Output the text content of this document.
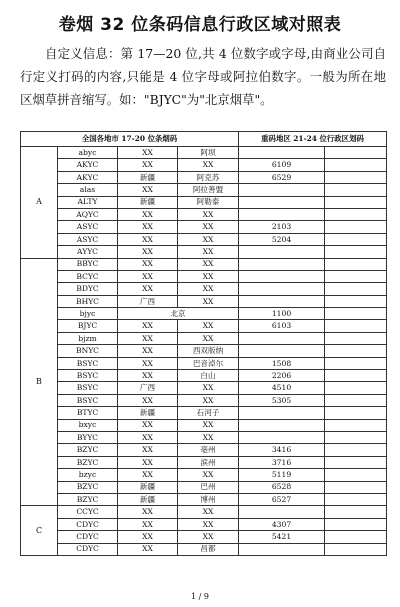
卷烟 32 位条码信息行政区域对照表

自定义信息：第 17—20 位,共 4 位数字或字母,由商业公司自行定义打码的内容,只能是 4 位字母或阿拉伯数字。一般为所在地区烟草拼音缩写。如："BJYC"为"北京烟草"。

全国各地市 17-20 位条烟码				重码地区 21-24 位行政区划码	
A	abyc	XX	阿坝		
	AKYC	XX	XX	6109	
	AKYC	新疆	阿克苏	6529	
	alas	XX	阿拉善盟		
	ALTY	新疆	阿勒泰		
	AQYC	XX	XX		
	ASYC	XX	XX	2103	
	ASYC	XX	XX	5204	
	AYYC	XX	XX		
B	BBYC	XX	XX		
	BCYC	XX	XX		
	BDYC	XX	XX		
	BHYC	广西	XX		
	bjyc	北京		1100	
	BJYC	XX	XX	6103	
	bjzm	XX	XX		
	BNYC	XX	西双版纳		
	BSYC	XX	巴音淖尔	1508	
	BSYC	XX	白山	2206	
	BSYC	广西	XX	4510	
	BSYC	XX	XX	5305	
	BTYC	新疆	石河子		
	bxyc	XX	XX		
	BYYC	XX	XX		
	BZYC	XX	亳州	3416	
	BZYC	XX	滨州	3716	
	bzyc	XX	XX	5119	
	BZYC	新疆	巴州	6528	
	BZYC	新疆	博州	6527	
C	CCYC	XX	XX		
	CDYC	XX	XX	4307	
	CDYC	XX	XX	5421	
	CDYC	XX	昌都		
1 / 9
